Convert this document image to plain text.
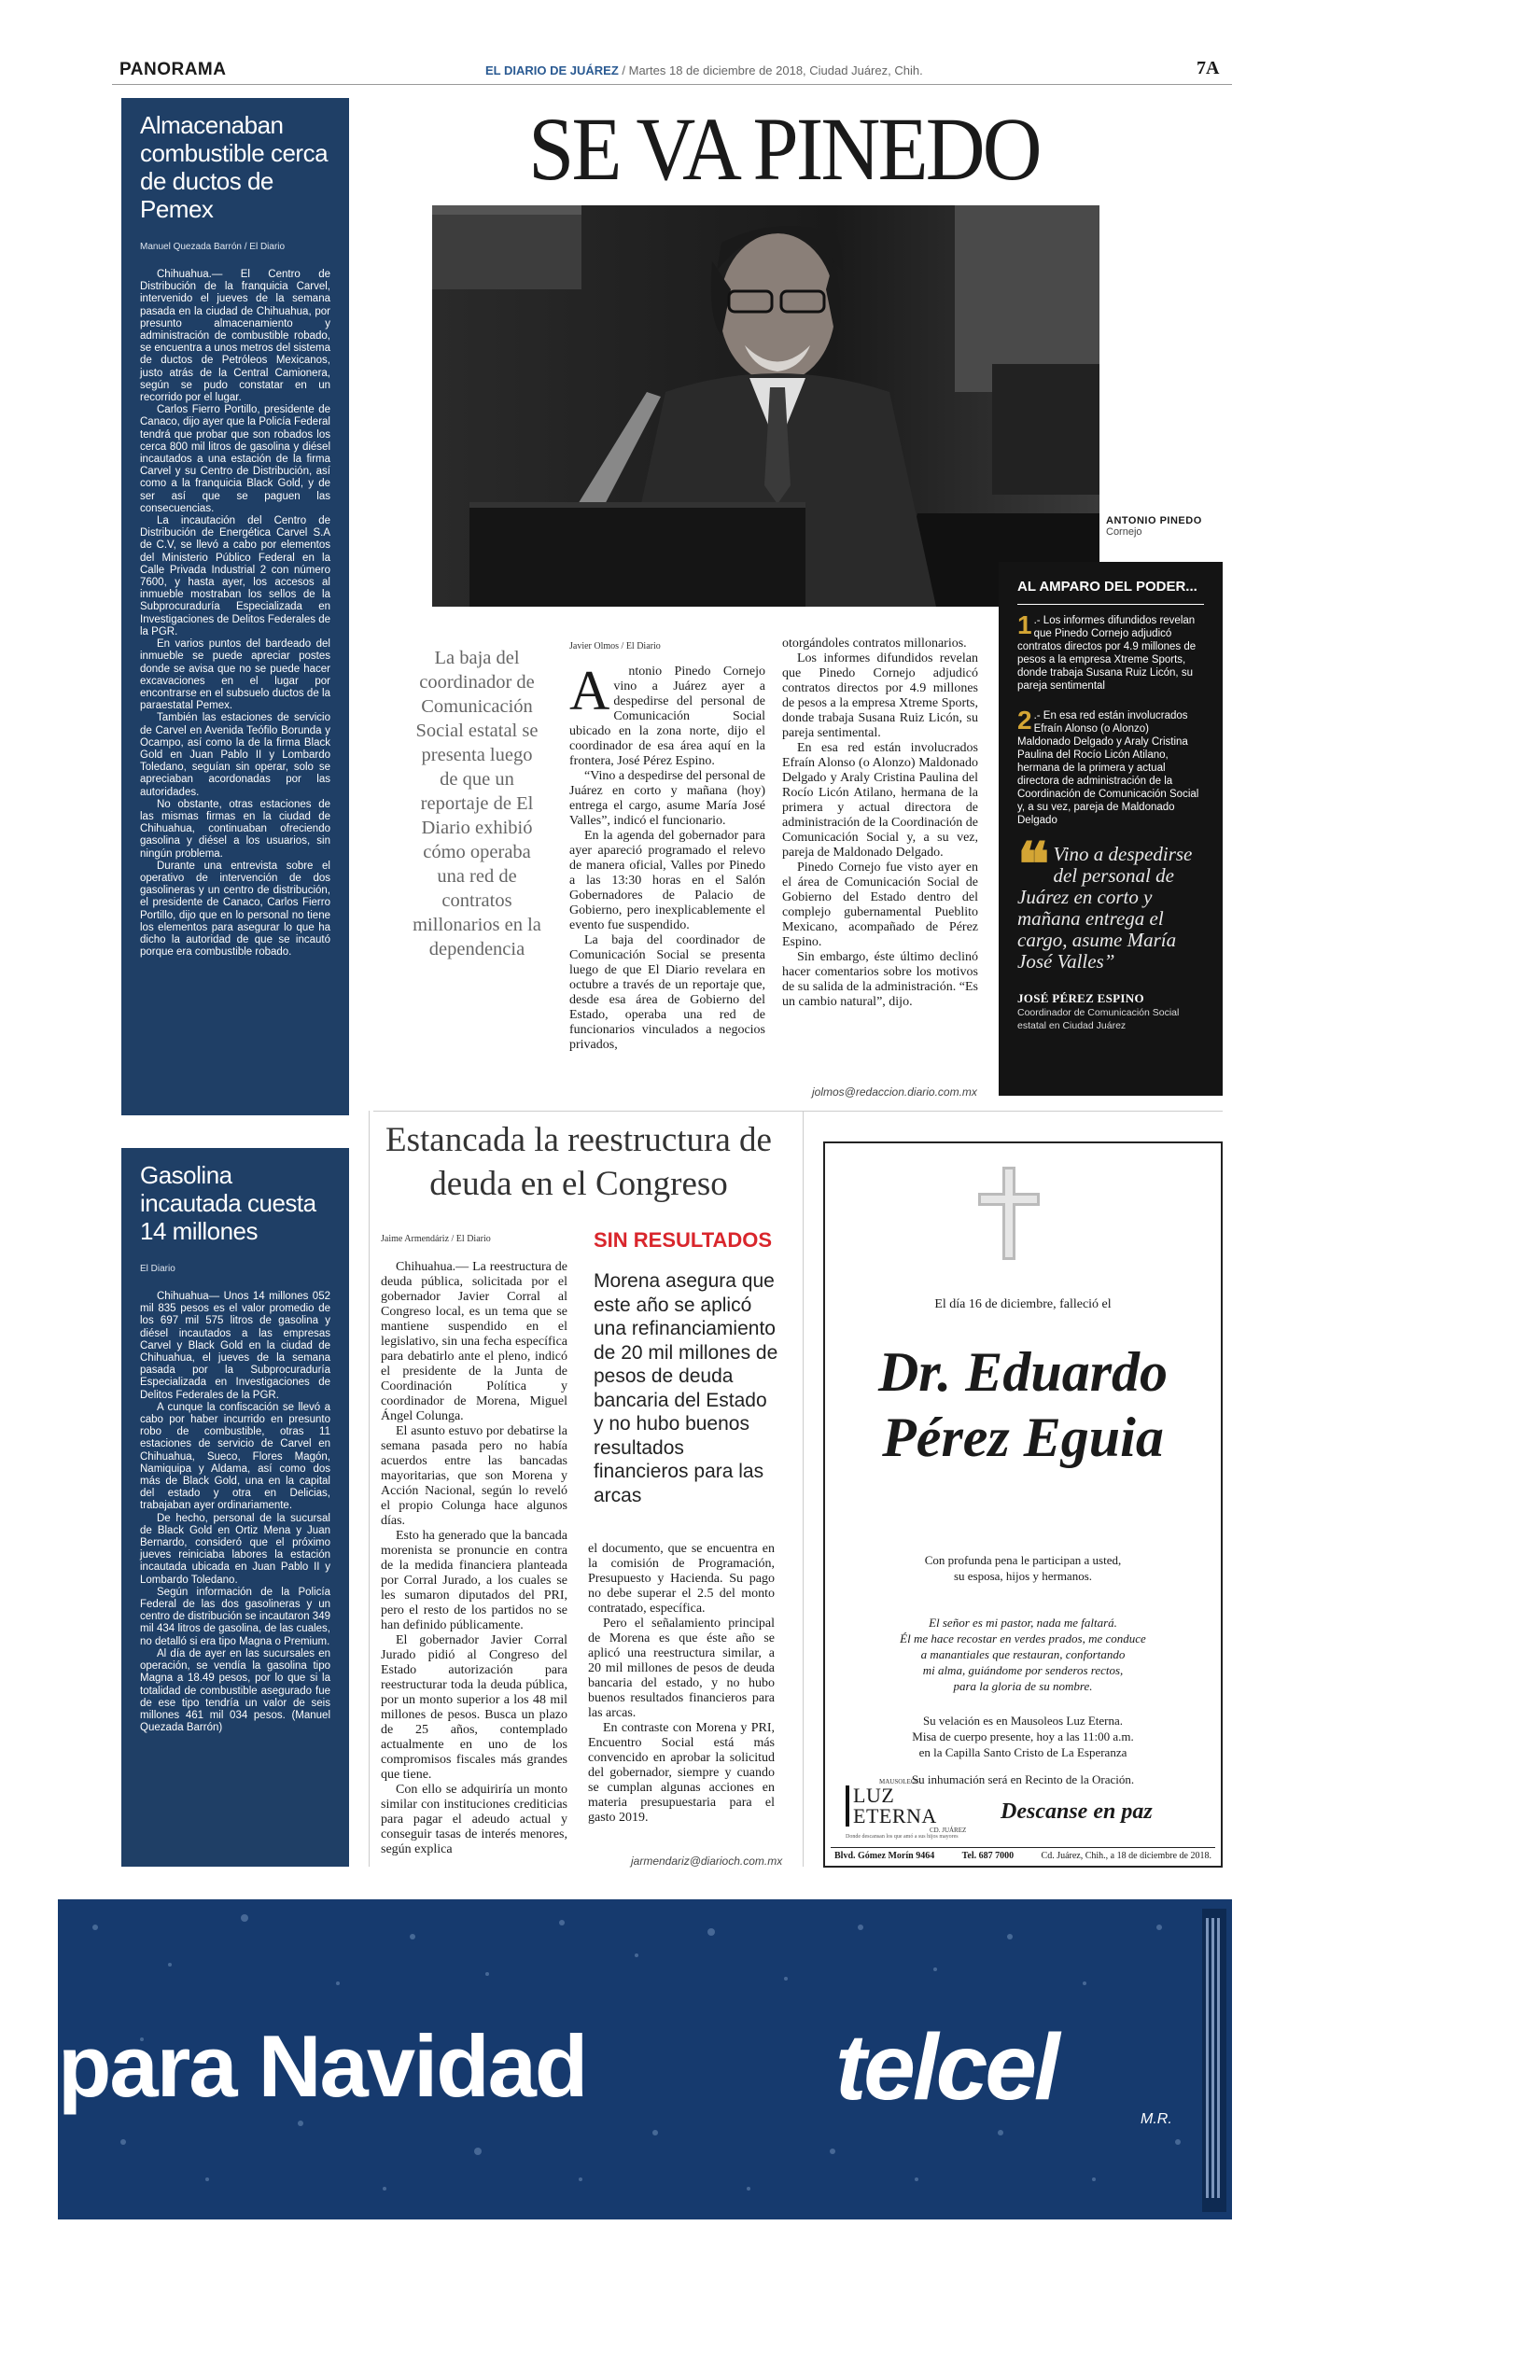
PANORAMA	EL DIARIO DE JUÁREZ / Martes 18 de diciembre de 2018, Ciudad Juárez, Chih.	7A
Almacenaban combustible cerca de ductos de Pemex
Manuel Quezada Barrón / El Diario

Chihuahua.— El Centro de Distribución de la franquicia Carvel, intervenido el jueves de la semana pasada en la ciudad de Chihuahua, por presunto almacenamiento y administración de combustible robado, se encuentra a unos metros del sistema de ductos de Petróleos Mexicanos, justo atrás de la Central Camionera, según se pudo constatar en un recorrido por el lugar.

Carlos Fierro Portillo, presidente de Canaco, dijo ayer que la Policía Federal tendrá que probar que son robados los cerca 800 mil litros de gasolina y diésel incautados a una estación de la firma Carvel y su Centro de Distribución, así como a la franquicia Black Gold, y de ser así que se paguen las consecuencias.

La incautación del Centro de Distribución de Energética Carvel S.A de C.V, se llevó a cabo por elementos del Ministerio Público Federal en la Calle Privada Industrial 2 con número 7600, y hasta ayer, los accesos al inmueble mostraban los sellos de la Subprocuraduría Especializada en Investigaciones de Delitos Federales de la PGR.

En varios puntos del bardeado del inmueble se puede apreciar postes donde se avisa que no se puede hacer excavaciones en el lugar por encontrarse en el subsuelo ductos de la paraestatal Pemex.

También las estaciones de servicio de Carvel en Avenida Teófilo Borunda y Ocampo, así como la de la firma Black Gold en Juan Pablo II y Lombardo Toledano, seguían sin operar, solo se apreciaban acordonadas por las autoridades.

No obstante, otras estaciones de las mismas firmas en la ciudad de Chihuahua, continuaban ofreciendo gasolina y diésel a los usuarios, sin ningún problema.

Durante una entrevista sobre el operativo de intervención de dos gasolineras y un centro de distribución, el presidente de Canaco, Carlos Fierro Portillo, dijo que en lo personal no tiene los elementos para asegurar lo que ha dicho la autoridad de que se incautó porque era combustible robado.

Gasolina incautada cuesta 14 millones
El Diario

Chihuahua— Unos 14 millones 052 mil 835 pesos es el valor promedio de los 697 mil 575 litros de gasolina y diésel incautados a las empresas Carvel y Black Gold en la ciudad de Chihuahua, el jueves de la semana pasada por la Subprocuraduría Especializada en Investigaciones de Delitos Federales de la PGR.

A cunque la confiscación se llevó a cabo por haber incurrido en presunto robo de combustible, otras 11 estaciones de servicio de Carvel en Chihuahua, Sueco, Flores Magón, Namiquipa y Aldama, así como dos más de Black Gold, una en la capital del estado y otra en Delicias, trabajaban ayer ordinariamente.

De hecho, personal de la sucursal de Black Gold en Ortiz Mena y Juan Bernardo, consideró que el próximo jueves reiniciaba labores la estación incautada ubicada en Juan Pablo II y Lombardo Toledano.

Según información de la Policía Federal de las dos gasolineras y un centro de distribución se incautaron 349 mil 434 litros de gasolina, de las cuales, no detalló si era tipo Magna o Premium.

Al día de ayer en las sucursales en operación, se vendía la gasolina tipo Magna a 18.49 pesos, por lo que si la totalidad de combustible asegurado fue de ese tipo tendría un valor de seis millones 461 mil 034 pesos. (Manuel Quezada Barrón)

SE VA PINEDO
ANTONIO PINEDO
Cornejo
La baja del coordinador de Comunicación Social estatal se presenta luego de que un reportaje de El Diario exhibió cómo operaba una red de contratos millonarios en la dependencia
Javier Olmos / El Diario

A ntonio Pinedo Cornejo vino a Juárez ayer a despedirse del personal de Comunicación Social ubicado en la zona norte, dijo el coordinador de esa área aquí en la frontera, José Pérez Espino.

“Vino a despedirse del personal de Juárez en corto y mañana (hoy) entrega el cargo, asume María José Valles”, indicó el funcionario.

En la agenda del gobernador para ayer apareció programado el relevo de manera oficial, Valles por Pinedo a las 13:30 horas en el Salón Gobernadores de Palacio de Gobierno, pero inexplicablemente el evento fue suspendido.

La baja del coordinador de Comunicación Social se presenta luego de que El Diario revelara en octubre a través de un reportaje que, desde esa área de Gobierno del Estado, operaba una red de funcionarios vinculados a negocios privados,

otorgándoles contratos millonarios.

Los informes difundidos revelan que Pinedo Cornejo adjudicó contratos directos por 4.9 millones de pesos a la empresa Xtreme Sports, donde trabaja Susana Ruiz Licón, su pareja sentimental.

En esa red están involucrados Efraín Alonso (o Alonzo) Maldonado Delgado y Araly Cristina Paulina del Rocío Licón Atilano, hermana de la primera y actual directora de administración de la Coordinación de Comunicación Social y, a su vez, pareja de Maldonado Delgado.

Pinedo Cornejo fue visto ayer en el área de Comunicación Social de Gobierno del Estado dentro del complejo gubernamental Pueblito Mexicano, acompañado de Pérez Espino.

Sin embargo, éste último declinó hacer comentarios sobre los motivos de su salida de la administración. “Es un cambio natural”, dijo.

jolmos@redaccion.diario.com.mx
AL AMPARO DEL PODER...
1 .- Los informes difundidos revelan que Pinedo Cornejo adjudicó contratos directos por 4.9 millones de pesos a la empresa Xtreme Sports, donde trabaja Susana Ruiz Licón, su pareja sentimental
2 .- En esa red están involucrados Efraín Alonso (o Alonzo) Maldonado Delgado y Araly Cristina Paulina del Rocío Licón Atilano, hermana de la primera y actual directora de administración de la Coordinación de Comunicación Social y, a su vez, pareja de Maldonado Delgado
❝ Vino a despedirse del personal de Juárez en corto y mañana entrega el cargo, asume María José Valles”
JOSÉ PÉREZ ESPINO
Coordinador de Comunicación Social estatal en Ciudad Juárez
Estancada la reestructura de deuda en el Congreso
Jaime Armendáriz / El Diario

Chihuahua.— La reestructura de deuda pública, solicitada por el gobernador Javier Corral al Congreso local, es un tema que se mantiene suspendido en el legislativo, sin una fecha específica para debatirlo ante el pleno, indicó el presidente de la Junta de Coordinación Política y coordinador de Morena, Miguel Ángel Colunga.

El asunto estuvo por debatirse la semana pasada pero no había acuerdos entre las bancadas mayoritarias, que son Morena y Acción Nacional, según lo reveló el propio Colunga hace algunos días.

Esto ha generado que la bancada morenista se pronuncie en contra de la medida financiera planteada por Corral Jurado, a los cuales se les sumaron diputados del PRI, pero el resto de los partidos no se han definido públicamente.

El gobernador Javier Corral Jurado pidió al Congreso del Estado autorización para reestructurar toda la deuda pública, por un monto superior a los 48 mil millones de pesos. Busca un plazo de 25 años, contemplado actualmente en uno de los compromisos fiscales más grandes que tiene.

Con ello se adquiriría un monto similar con instituciones crediticias para pagar el adeudo actual y conseguir tasas de interés menores, según explica

SIN RESULTADOS
Morena asegura que este año se aplicó una refinanciamiento de 20 mil millones de pesos de deuda bancaria del Estado y no hubo buenos resultados financieros para las arcas

el documento, que se encuentra en la comisión de Programación, Presupuesto y Hacienda. Su pago no debe superar el 2.5 del monto contratado, específica.

Pero el señalamiento principal de Morena es que éste año se aplicó una reestructura similar, a 20 mil millones de pesos de deuda bancaria del estado, y no hubo buenos resultados financieros para las arcas.

En contraste con Morena y PRI, Encuentro Social está más convencido en aprobar la solicitud del gobernador, siempre y cuando se cumplan algunas acciones en materia presupuestaria para el gasto 2019.

jarmendariz@diarioch.com.mx
El día 16 de diciembre, falleció el
Dr. Eduardo Pérez Eguia
Con profunda pena le participan a usted,
su esposa, hijos y hermanos.
El señor es mi pastor, nada me faltará.
Él me hace recostar en verdes prados, me conduce
a manantiales que restauran, confortando
mi alma, guiándome por senderos rectos,
para la gloria de su nombre.
Su velación es en Mausoleos Luz Eterna.
Misa de cuerpo presente, hoy a las 11:00 a.m.
en la Capilla Santo Cristo de La Esperanza
Su inhumación será en Recinto de la Oración.
MAUSOLEOS
LUZ ETERNA
CD. JUÁREZ
Donde descansan los que amó a sus hijos mayores
Descanse en paz
Blvd. Gómez Morín 9464	Tel. 687 7000	Cd. Juárez, Chih., a 18 de diciembre de 2018.
para Navidad	telcel	M.R.
